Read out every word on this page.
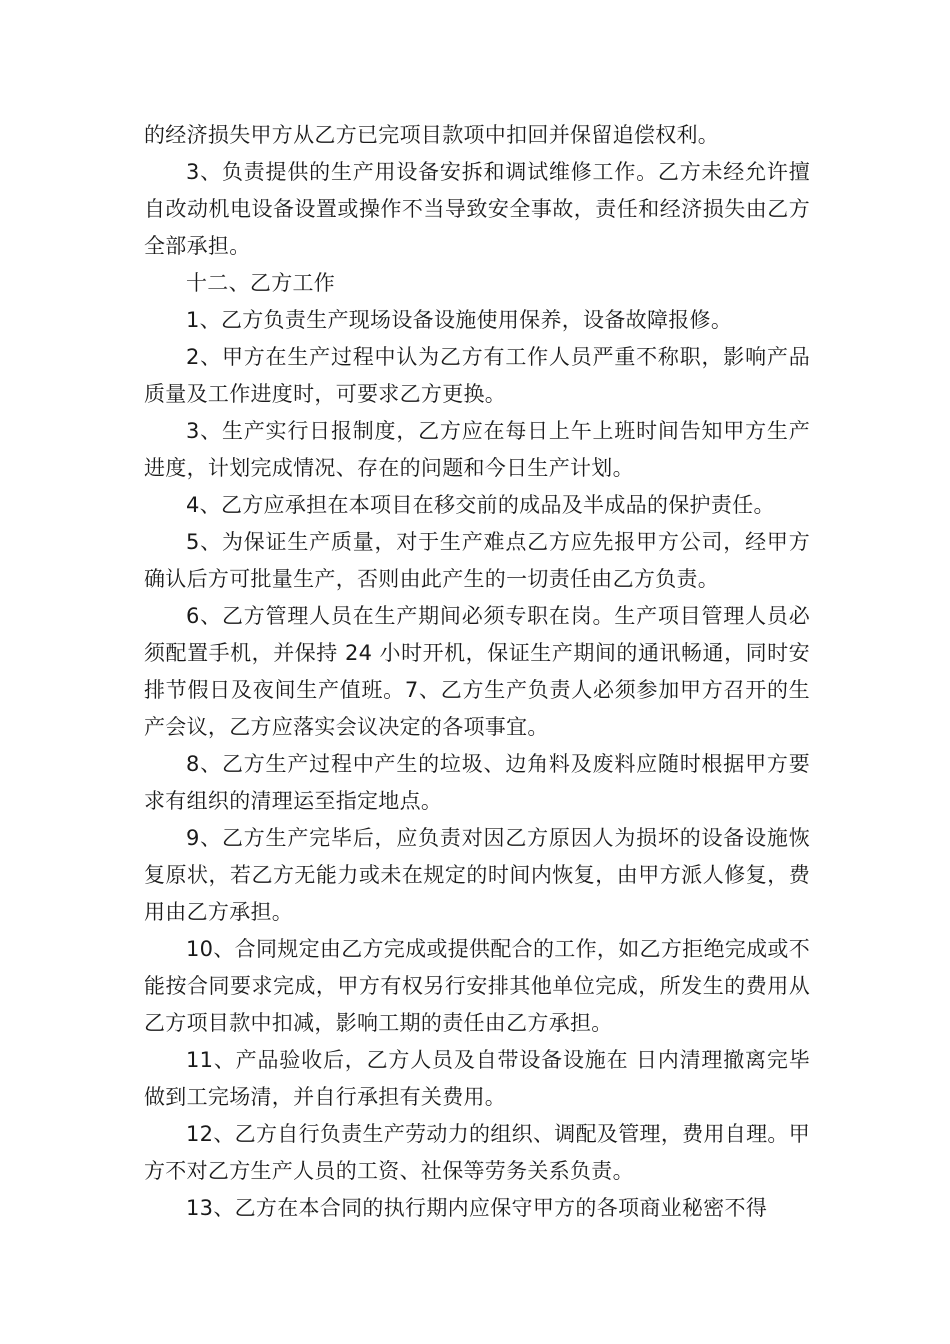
的经济损失甲方从乙方已完项目款项中扣回并保留追偿权利。

3、负责提供的生产用设备安拆和调试维修工作。乙方未经允许擅自改动机电设备设置或操作不当导致安全事故，责任和经济损失由乙方全部承担。

十二、乙方工作

1、乙方负责生产现场设备设施使用保养，设备故障报修。

2、甲方在生产过程中认为乙方有工作人员严重不称职，影响产品质量及工作进度时，可要求乙方更换。

3、生产实行日报制度，乙方应在每日上午上班时间告知甲方生产进度，计划完成情况、存在的问题和今日生产计划。

4、乙方应承担在本项目在移交前的成品及半成品的保护责任。

5、为保证生产质量，对于生产难点乙方应先报甲方公司，经甲方确认后方可批量生产，否则由此产生的一切责任由乙方负责。

6、乙方管理人员在生产期间必须专职在岗。生产项目管理人员必须配置手机，并保持 24 小时开机，保证生产期间的通讯畅通，同时安排节假日及夜间生产值班。7、乙方生产负责人必须参加甲方召开的生产会议，乙方应落实会议决定的各项事宜。

8、乙方生产过程中产生的垃圾、边角料及废料应随时根据甲方要求有组织的清理运至指定地点。

9、乙方生产完毕后，应负责对因乙方原因人为损坏的设备设施恢复原状，若乙方无能力或未在规定的时间内恢复，由甲方派人修复，费用由乙方承担。

10、合同规定由乙方完成或提供配合的工作，如乙方拒绝完成或不能按合同要求完成，甲方有权另行安排其他单位完成，所发生的费用从乙方项目款中扣减，影响工期的责任由乙方承担。

11、产品验收后，乙方人员及自带设备设施在 日内清理撤离完毕做到工完场清，并自行承担有关费用。

12、乙方自行负责生产劳动力的组织、调配及管理，费用自理。甲方不对乙方生产人员的工资、社保等劳务关系负责。

13、乙方在本合同的执行期内应保守甲方的各项商业秘密不得
